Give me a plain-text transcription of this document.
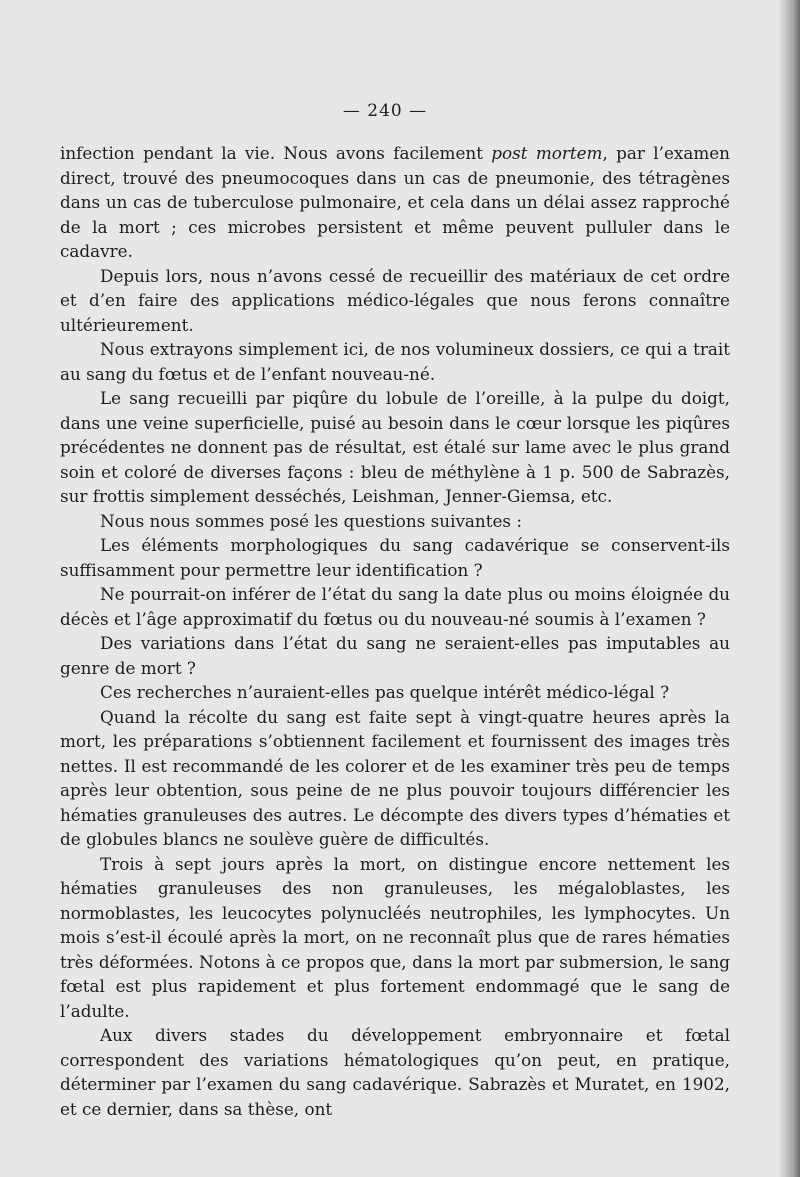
— 240 —

infection pendant la vie. Nous avons facilement post mortem, par l’examen direct, trouvé des pneumocoques dans un cas de pneumonie, des tétragènes dans un cas de tuberculose pulmonaire, et cela dans un délai assez rapproché de la mort ; ces microbes persistent et même peuvent pulluler dans le cadavre.

Depuis lors, nous n’avons cessé de recueillir des matériaux de cet ordre et d’en faire des applications médico-légales que nous ferons connaître ultérieurement.

Nous extrayons simplement ici, de nos volumineux dossiers, ce qui a trait au sang du fœtus et de l’enfant nouveau-né.

Le sang recueilli par piqûre du lobule de l’oreille, à la pulpe du doigt, dans une veine superficielle, puisé au besoin dans le cœur lorsque les piqûres précédentes ne donnent pas de résultat, est étalé sur lame avec le plus grand soin et coloré de diverses façons : bleu de méthylène à 1 p. 500 de Sabrazès, sur frottis simplement desséchés, Leishman, Jenner-Giemsa, etc.

Nous nous sommes posé les questions suivantes :

Les éléments morphologiques du sang cadavérique se conservent-ils suffisamment pour permettre leur identification ?

Ne pourrait-on inférer de l’état du sang la date plus ou moins éloignée du décès et l’âge approximatif du fœtus ou du nouveau-né soumis à l’examen ?

Des variations dans l’état du sang ne seraient-elles pas imputables au genre de mort ?

Ces recherches n’auraient-elles pas quelque intérêt médico-légal ?

Quand la récolte du sang est faite sept à vingt-quatre heures après la mort, les préparations s’obtiennent facilement et fournissent des images très nettes. Il est recommandé de les colorer et de les examiner très peu de temps après leur obtention, sous peine de ne plus pouvoir toujours différencier les hématies granuleuses des autres. Le décompte des divers types d’hématies et de globules blancs ne soulève guère de difficultés.

Trois à sept jours après la mort, on distingue encore nettement les hématies granuleuses des non granuleuses, les mégaloblastes, les normoblastes, les leucocytes polynucléés neutrophiles, les lymphocytes. Un mois s’est-il écoulé après la mort, on ne reconnaît plus que de rares hématies très déformées. Notons à ce propos que, dans la mort par submersion, le sang fœtal est plus rapidement et plus fortement endommagé que le sang de l’adulte.

Aux divers stades du développement embryonnaire et fœtal correspondent des variations hématologiques qu’on peut, en pratique, déterminer par l’examen du sang cadavérique. Sabrazès et Muratet, en 1902, et ce dernier, dans sa thèse, ont
